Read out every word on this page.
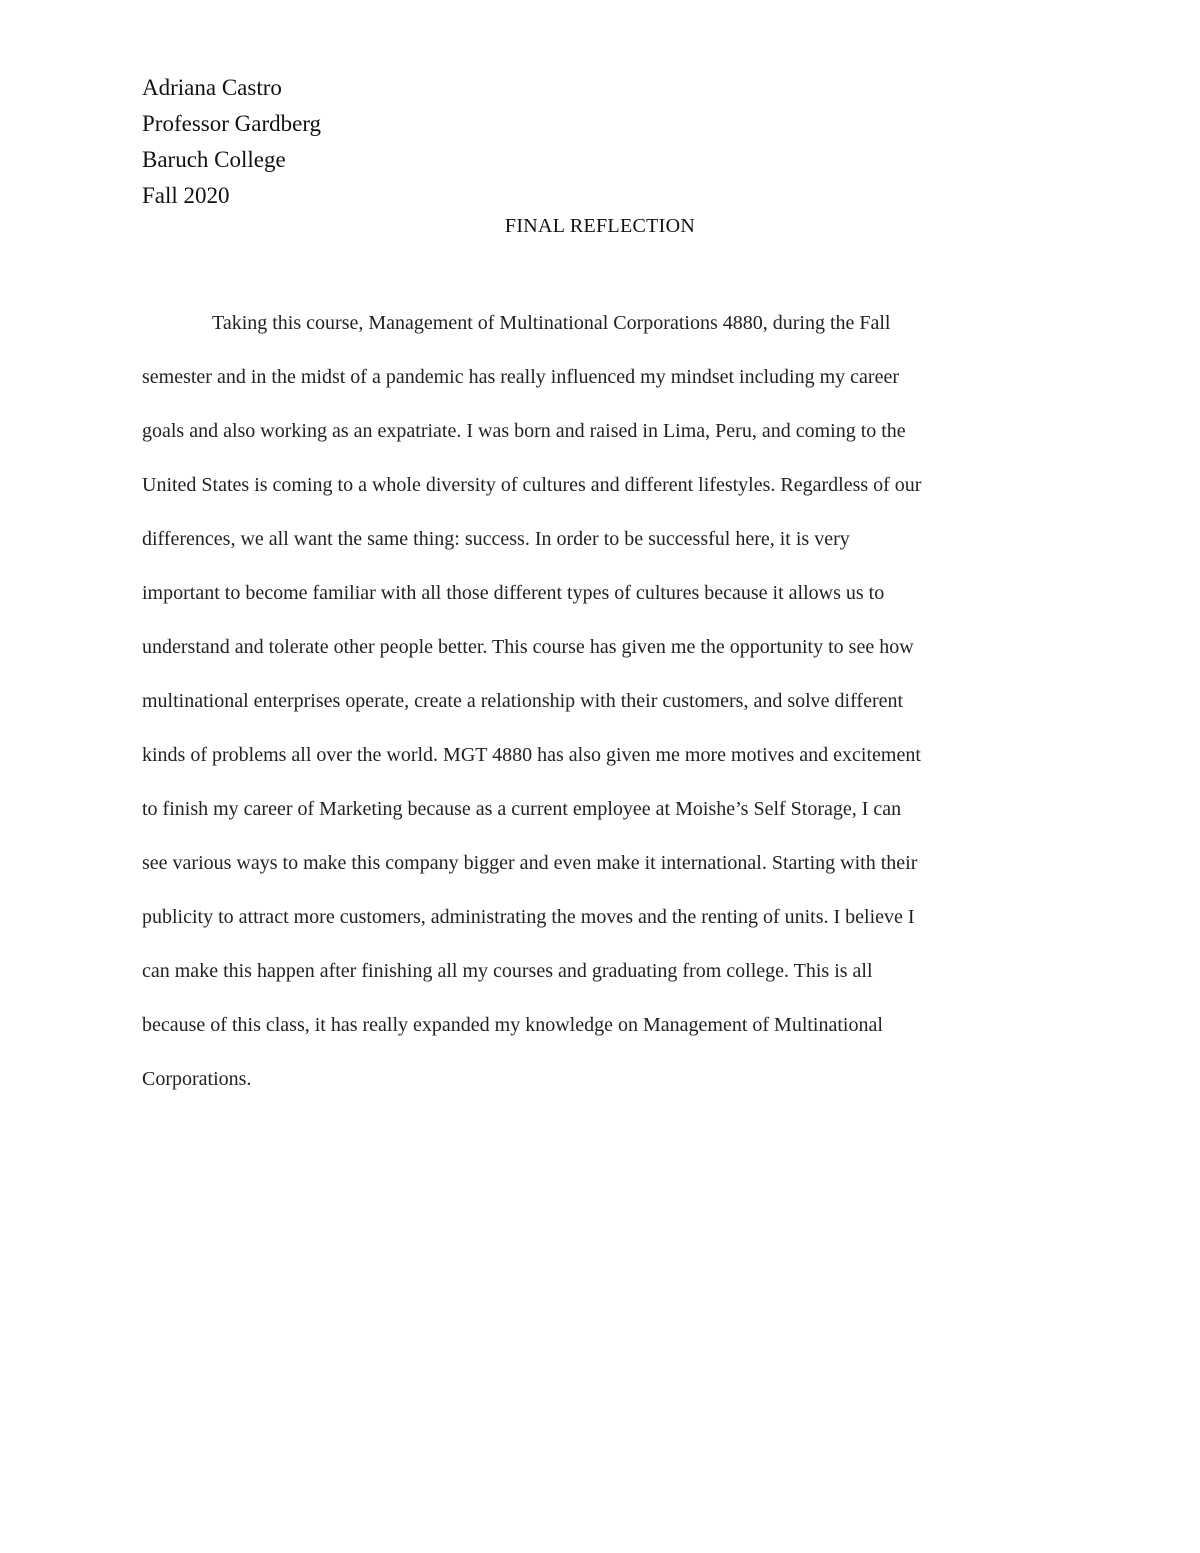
Adriana Castro
Professor Gardberg
Baruch College
Fall 2020
FINAL REFLECTION
Taking this course, Management of Multinational Corporations 4880, during the Fall
semester and in the midst of a pandemic has really influenced my mindset including my career
goals and also working as an expatriate. I was born and raised in Lima, Peru, and coming to the
United States is coming to a whole diversity of cultures and different lifestyles. Regardless of our
differences, we all want the same thing: success. In order to be successful here, it is very
important to become familiar with all those different types of cultures because it allows us to
understand and tolerate other people better. This course has given me the opportunity to see how
multinational enterprises operate, create a relationship with their customers, and solve different
kinds of problems all over the world. MGT 4880 has also given me more motives and excitement
to finish my career of Marketing because as a current employee at Moishe’s Self Storage, I can
see various ways to make this company bigger and even make it international. Starting with their
publicity to attract more customers, administrating the moves and the renting of units. I believe I
can make this happen after finishing all my courses and graduating from college. This is all
because of this class, it has really expanded my knowledge on Management of Multinational
Corporations.
